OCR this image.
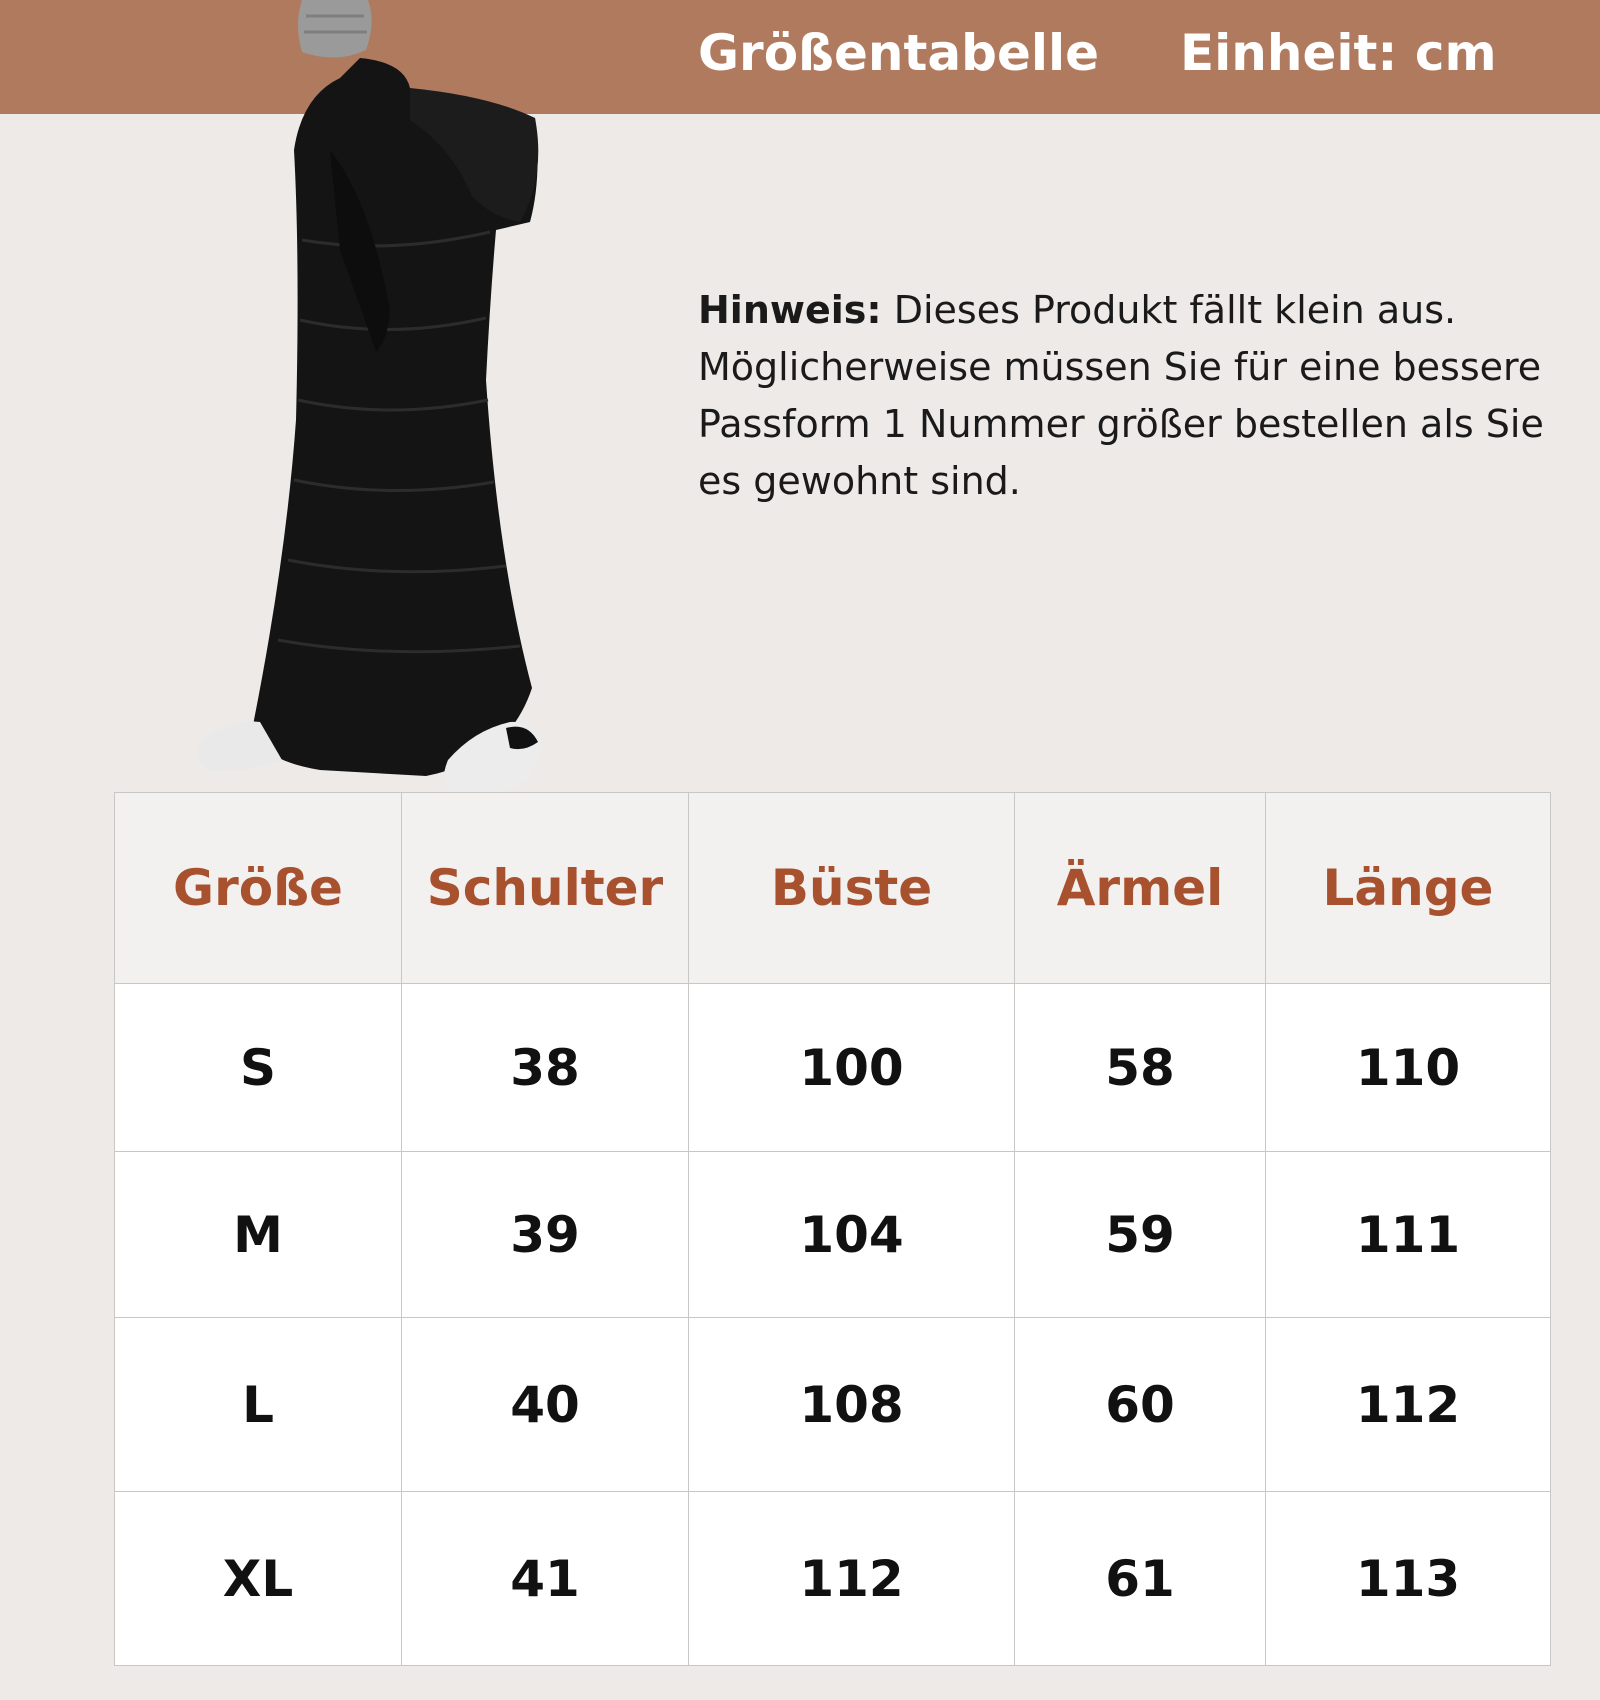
Größentabelle Einheit: cm
Hinweis: Dieses Produkt fällt klein aus. Möglicherweise müssen Sie für eine bessere Passform 1 Nummer größer bestellen als Sie es gewohnt sind.
Größe	Schulter	Büste	Ärmel	Länge
S	38	100	58	110
M	39	104	59	111
L	40	108	60	112
XL	41	112	61	113
